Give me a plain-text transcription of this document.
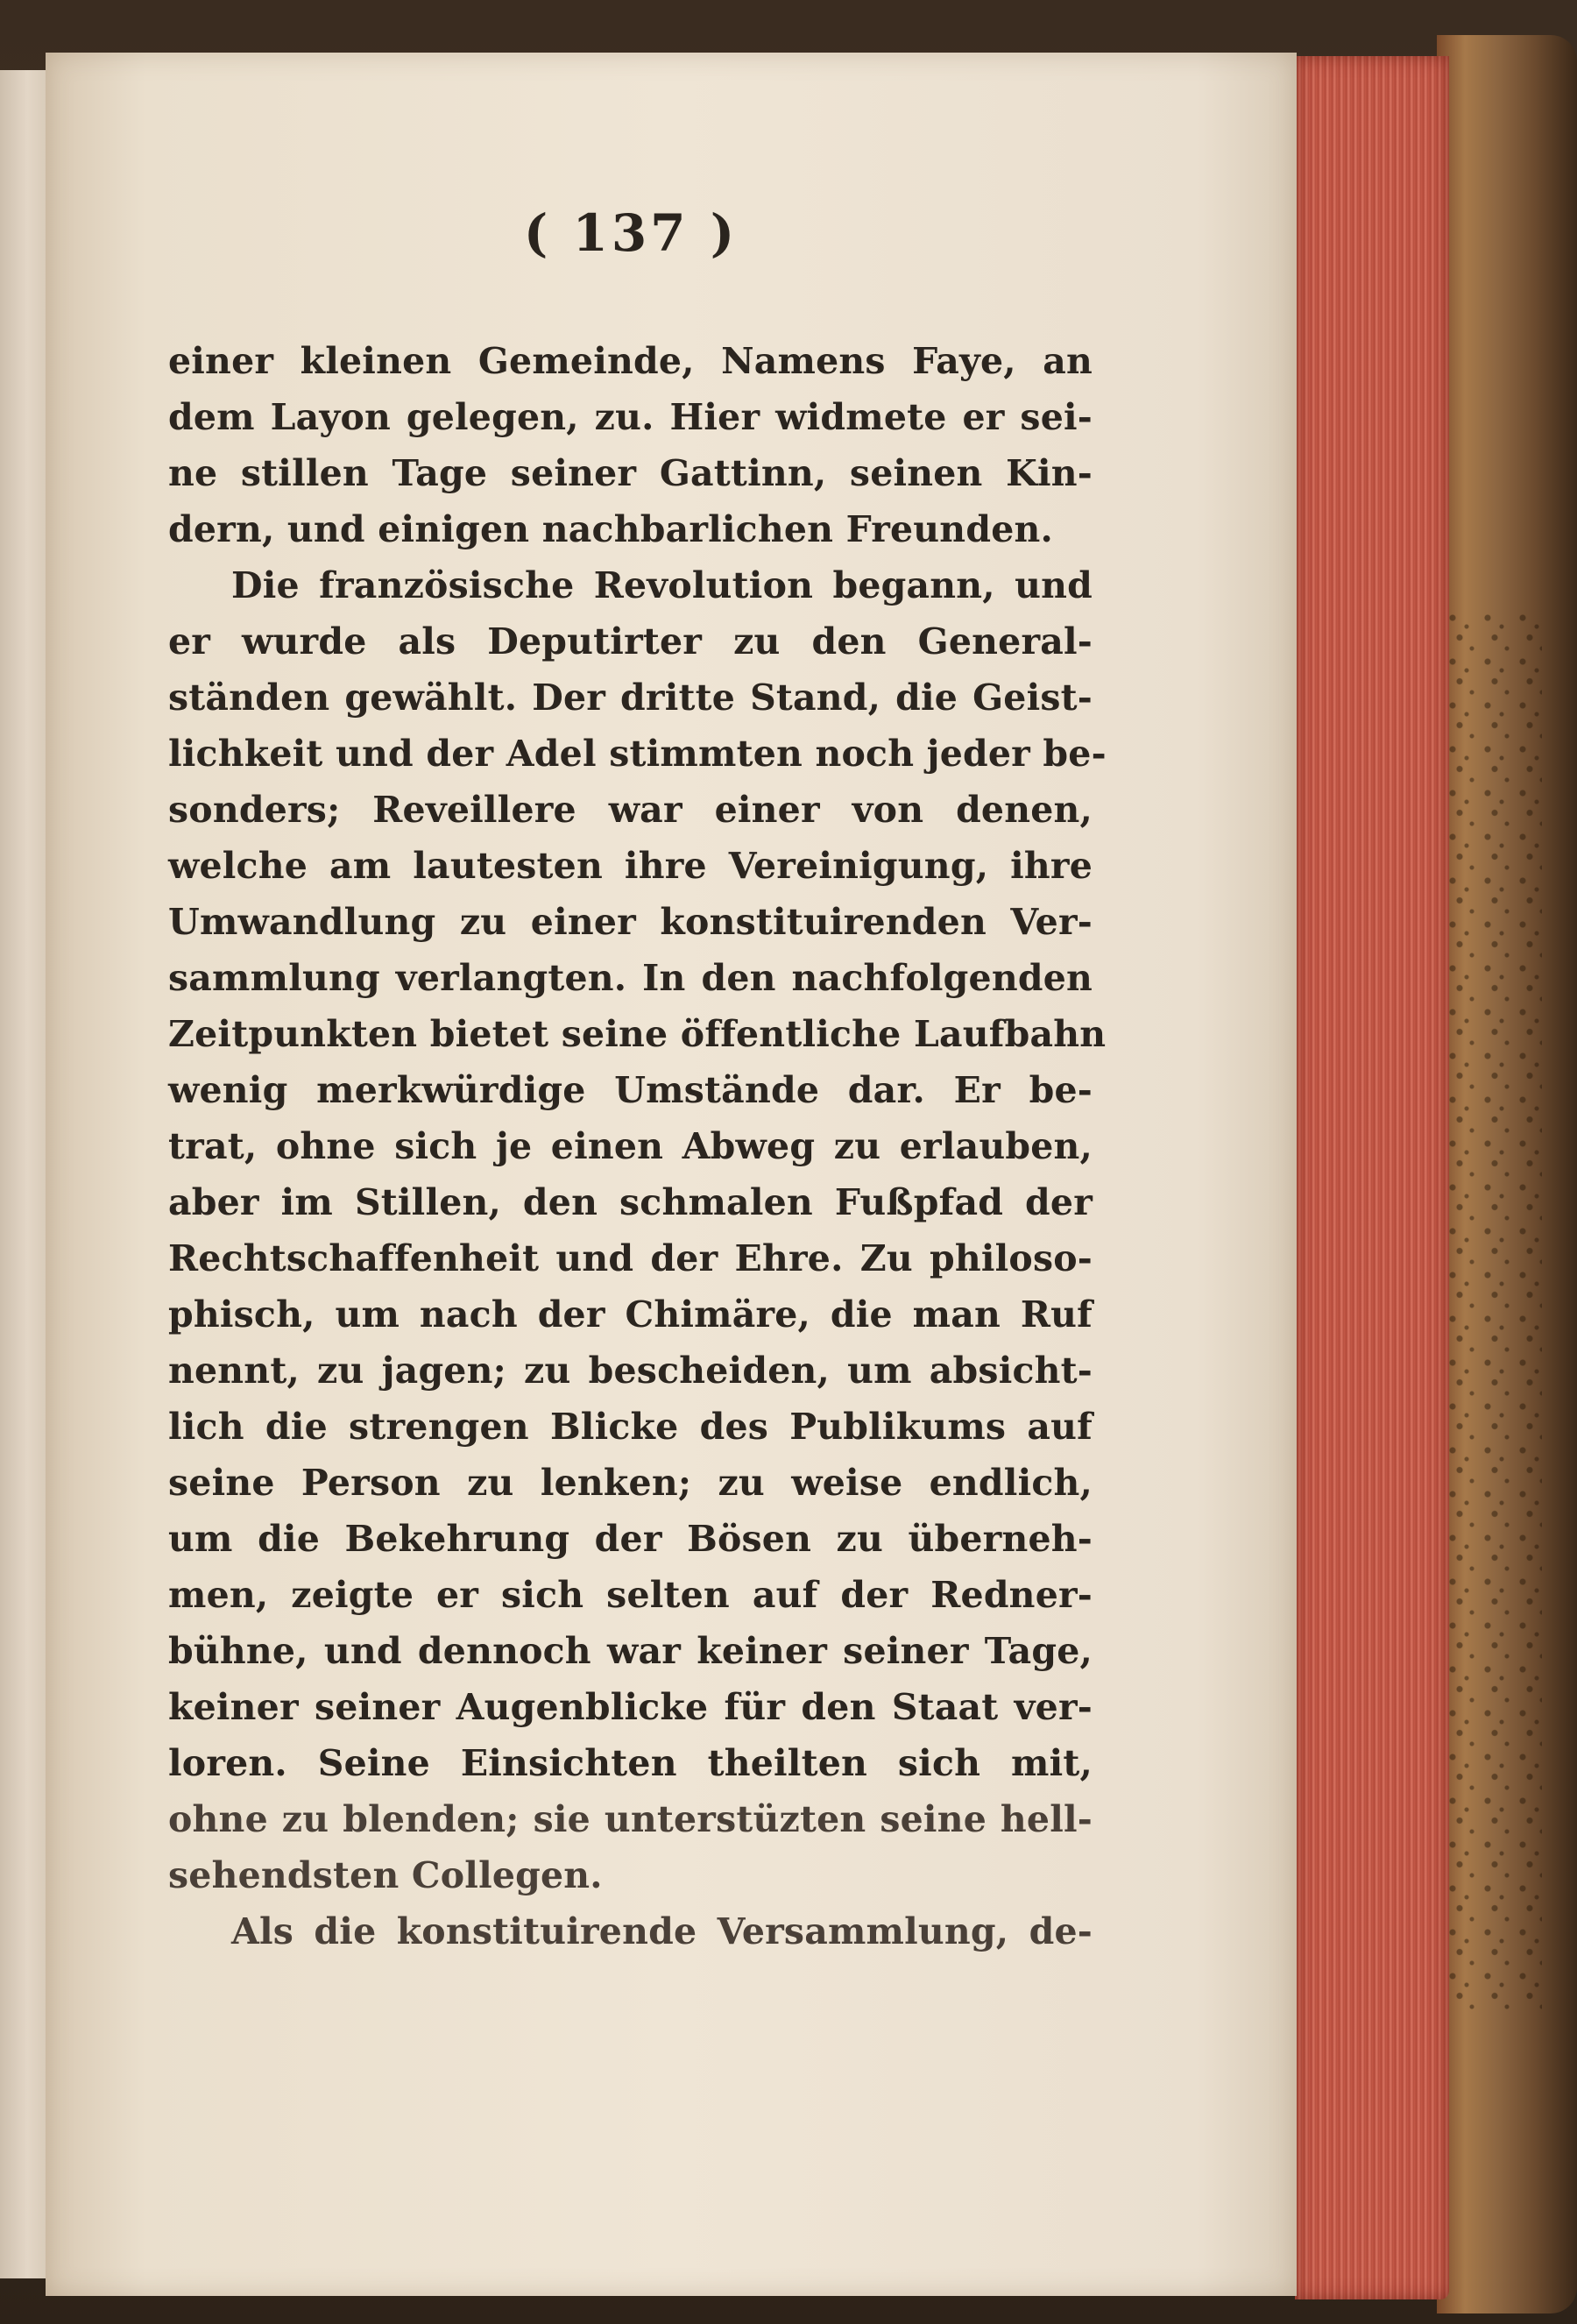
( 137 )
einer kleinen Gemeinde, Namens Faye, an
dem Layon gelegen, zu. Hier widmete er sei-
ne stillen Tage seiner Gattinn, seinen Kin-
dern, und einigen nachbarlichen Freunden.
Die französische Revolution begann, und
er wurde als Deputirter zu den General-
ständen gewählt. Der dritte Stand, die Geist-
lichkeit und der Adel stimmten noch jeder be-
sonders; Reveillere war einer von denen,
welche am lautesten ihre Vereinigung, ihre
Umwandlung zu einer konstituirenden Ver-
sammlung verlangten. In den nachfolgenden
Zeitpunkten bietet seine öffentliche Laufbahn
wenig merkwürdige Umstände dar. Er be-
trat, ohne sich je einen Abweg zu erlauben,
aber im Stillen, den schmalen Fußpfad der
Rechtschaffenheit und der Ehre. Zu philoso-
phisch, um nach der Chimäre, die man Ruf
nennt, zu jagen; zu bescheiden, um absicht-
lich die strengen Blicke des Publikums auf
seine Person zu lenken; zu weise endlich,
um die Bekehrung der Bösen zu überneh-
men, zeigte er sich selten auf der Redner-
bühne, und dennoch war keiner seiner Tage,
keiner seiner Augenblicke für den Staat ver-
loren. Seine Einsichten theilten sich mit,
ohne zu blenden; sie unterstüzten seine hell-
sehendsten Collegen.
Als die konstituirende Versammlung, de-
